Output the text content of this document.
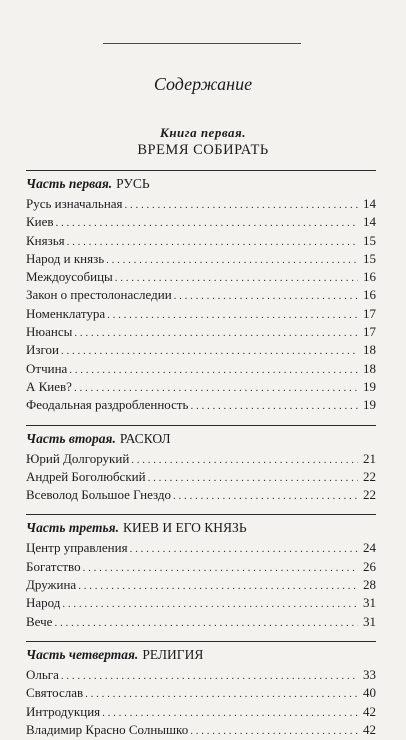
Содержание
Книга первая.
ВРЕМЯ СОБИРАТЬ
Часть первая. РУСЬ
Русь изначальная . . .	14
Киев . . .	14
Князья . . .	15
Народ и князь . . .	15
Междоусобицы . . .	16
Закон о престолонаследии . . .	16
Номенклатура . . .	17
Нюансы . . .	17
Изгои . . .	18
Отчина . . .	18
А Киев? . . .	19
Феодальная раздробленность . . .	19
Часть вторая. РАСКОЛ
Юрий Долгорукий . . .	21
Андрей Боголюбский . . .	22
Всеволод Большое Гнездо . . .	22
Часть третья. КИЕВ И ЕГО КНЯЗЬ
Центр управления . . .	24
Богатство . . .	26
Дружина . . .	28
Народ . . .	31
Вече . . .	31
Часть четвертая. РЕЛИГИЯ
Ольга . . .	33
Святослав . . .	40
Интродукция . . .	42
Владимир Красно Солнышко . . .	42
